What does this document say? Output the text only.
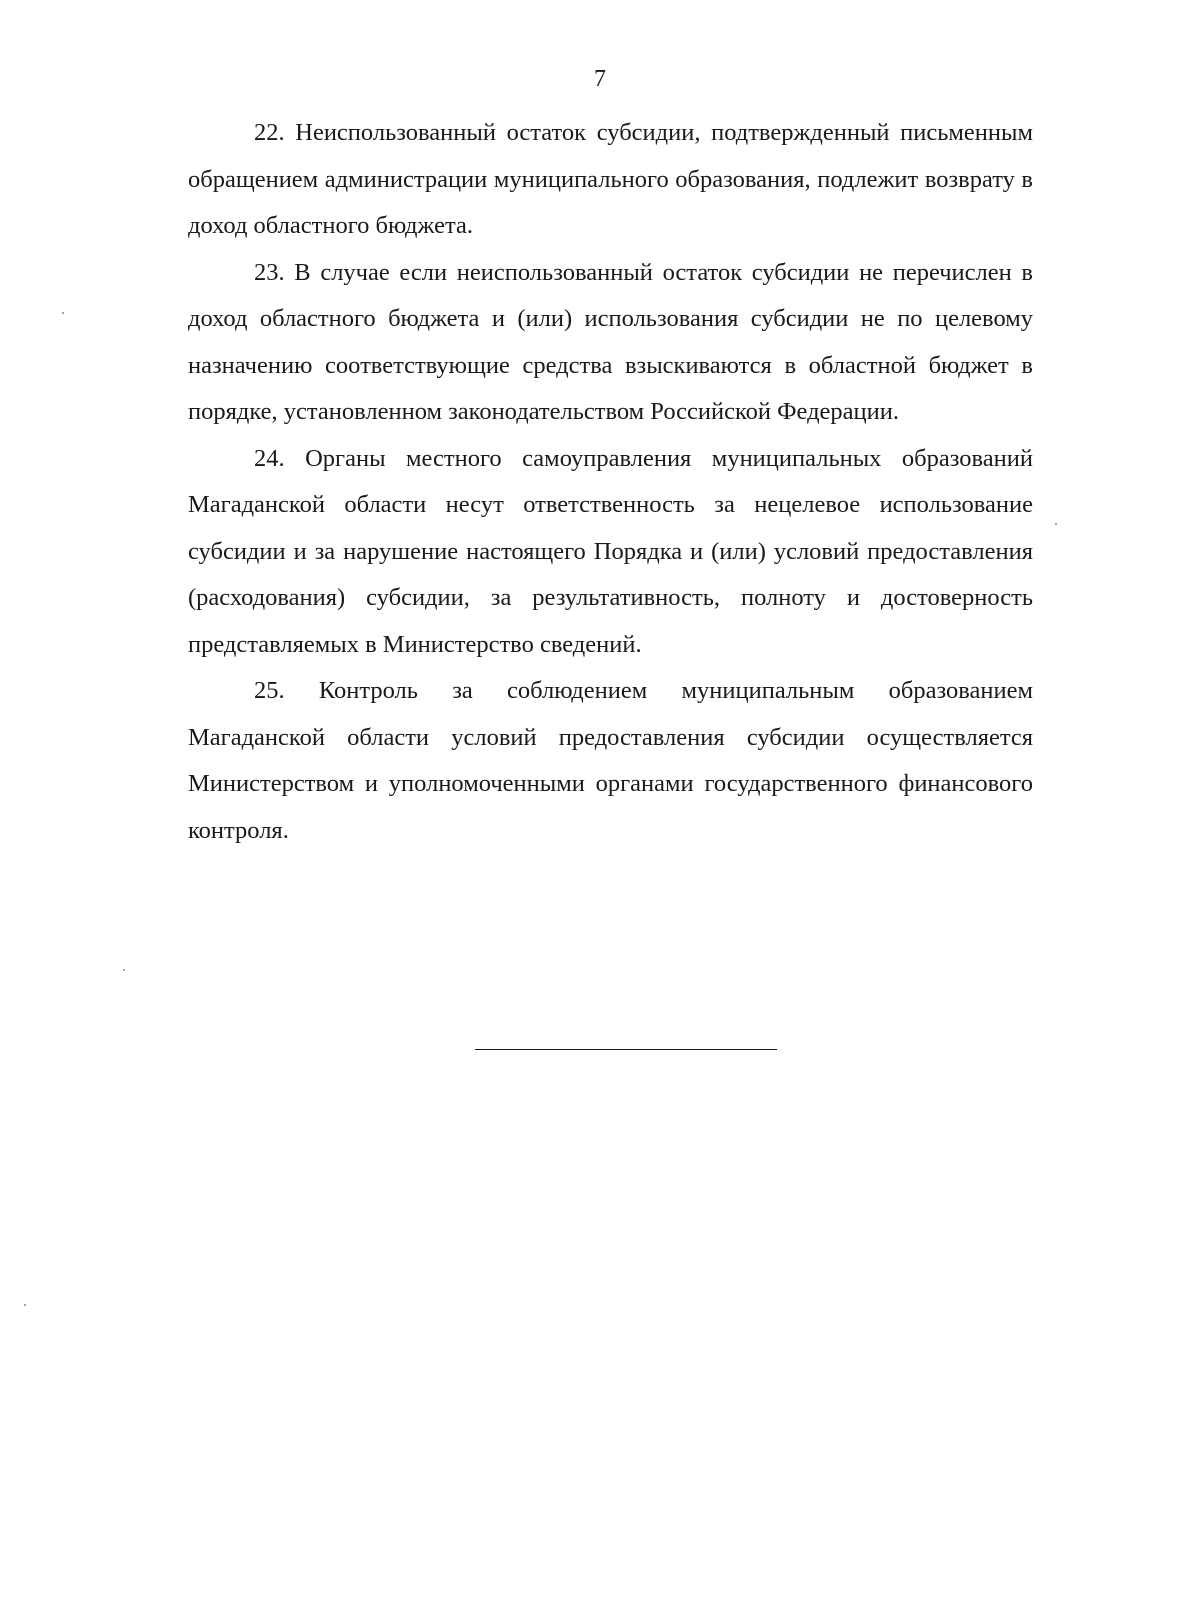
7

22. Неиспользованный остаток субсидии, подтвержденный письменным обращением администрации муниципального образования, подлежит возврату в доход областного бюджета.

23. В случае если неиспользованный остаток субсидии не перечислен в доход областного бюджета и (или) использования субсидии не по целевому назначению соответствующие средства взыскиваются в областной бюджет в порядке, установленном законодательством Российской Федерации.

24. Органы местного самоуправления муниципальных образований Магаданской области несут ответственность за нецелевое использование субсидии и за нарушение настоящего Порядка и (или) условий предоставления (расходования) субсидии, за результативность, полноту и достоверность представляемых в Министерство сведений.

25. Контроль за соблюдением муниципальным образованием Магаданской области условий предоставления субсидии осуществляется Министерством и уполномоченными органами государственного финансового контроля.
